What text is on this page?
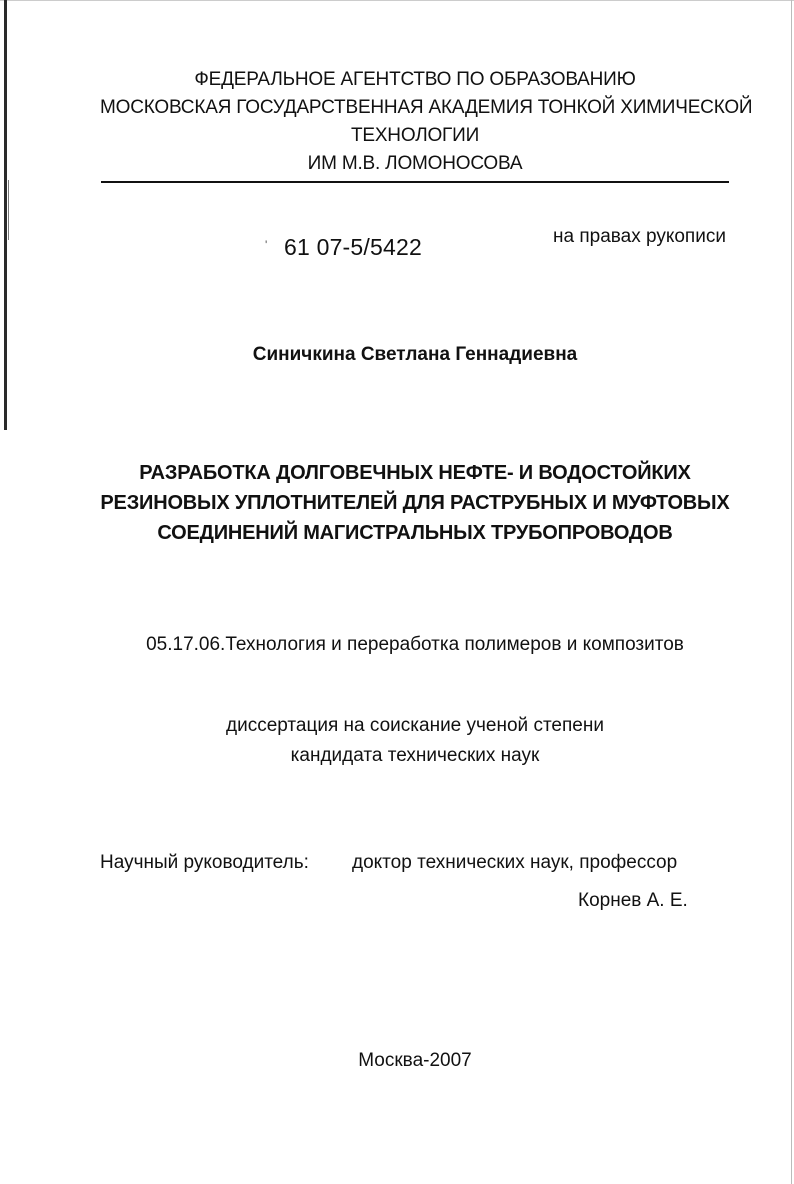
ФЕДЕРАЛЬНОЕ АГЕНТСТВО ПО ОБРАЗОВАНИЮ
МОСКОВСКАЯ ГОСУДАРСТВЕННАЯ АКАДЕМИЯ ТОНКОЙ ХИМИЧЕСКОЙ
ТЕХНОЛОГИИ
ИМ М.В. ЛОМОНОСОВА
' 61 07-5/5422	на правах рукописи
Синичкина Светлана Геннадиевна
РАЗРАБОТКА ДОЛГОВЕЧНЫХ НЕФТЕ- И ВОДОСТОЙКИХ
РЕЗИНОВЫХ УПЛОТНИТЕЛЕЙ ДЛЯ РАСТРУБНЫХ И МУФТОВЫХ
СОЕДИНЕНИЙ МАГИСТРАЛЬНЫХ ТРУБОПРОВОДОВ
05.17.06.Технология и переработка полимеров и композитов
диссертация на соискание ученой степени
кандидата технических наук
Научный руководитель: доктор технических наук, профессор
Корнев А. Е.
Москва-2007
